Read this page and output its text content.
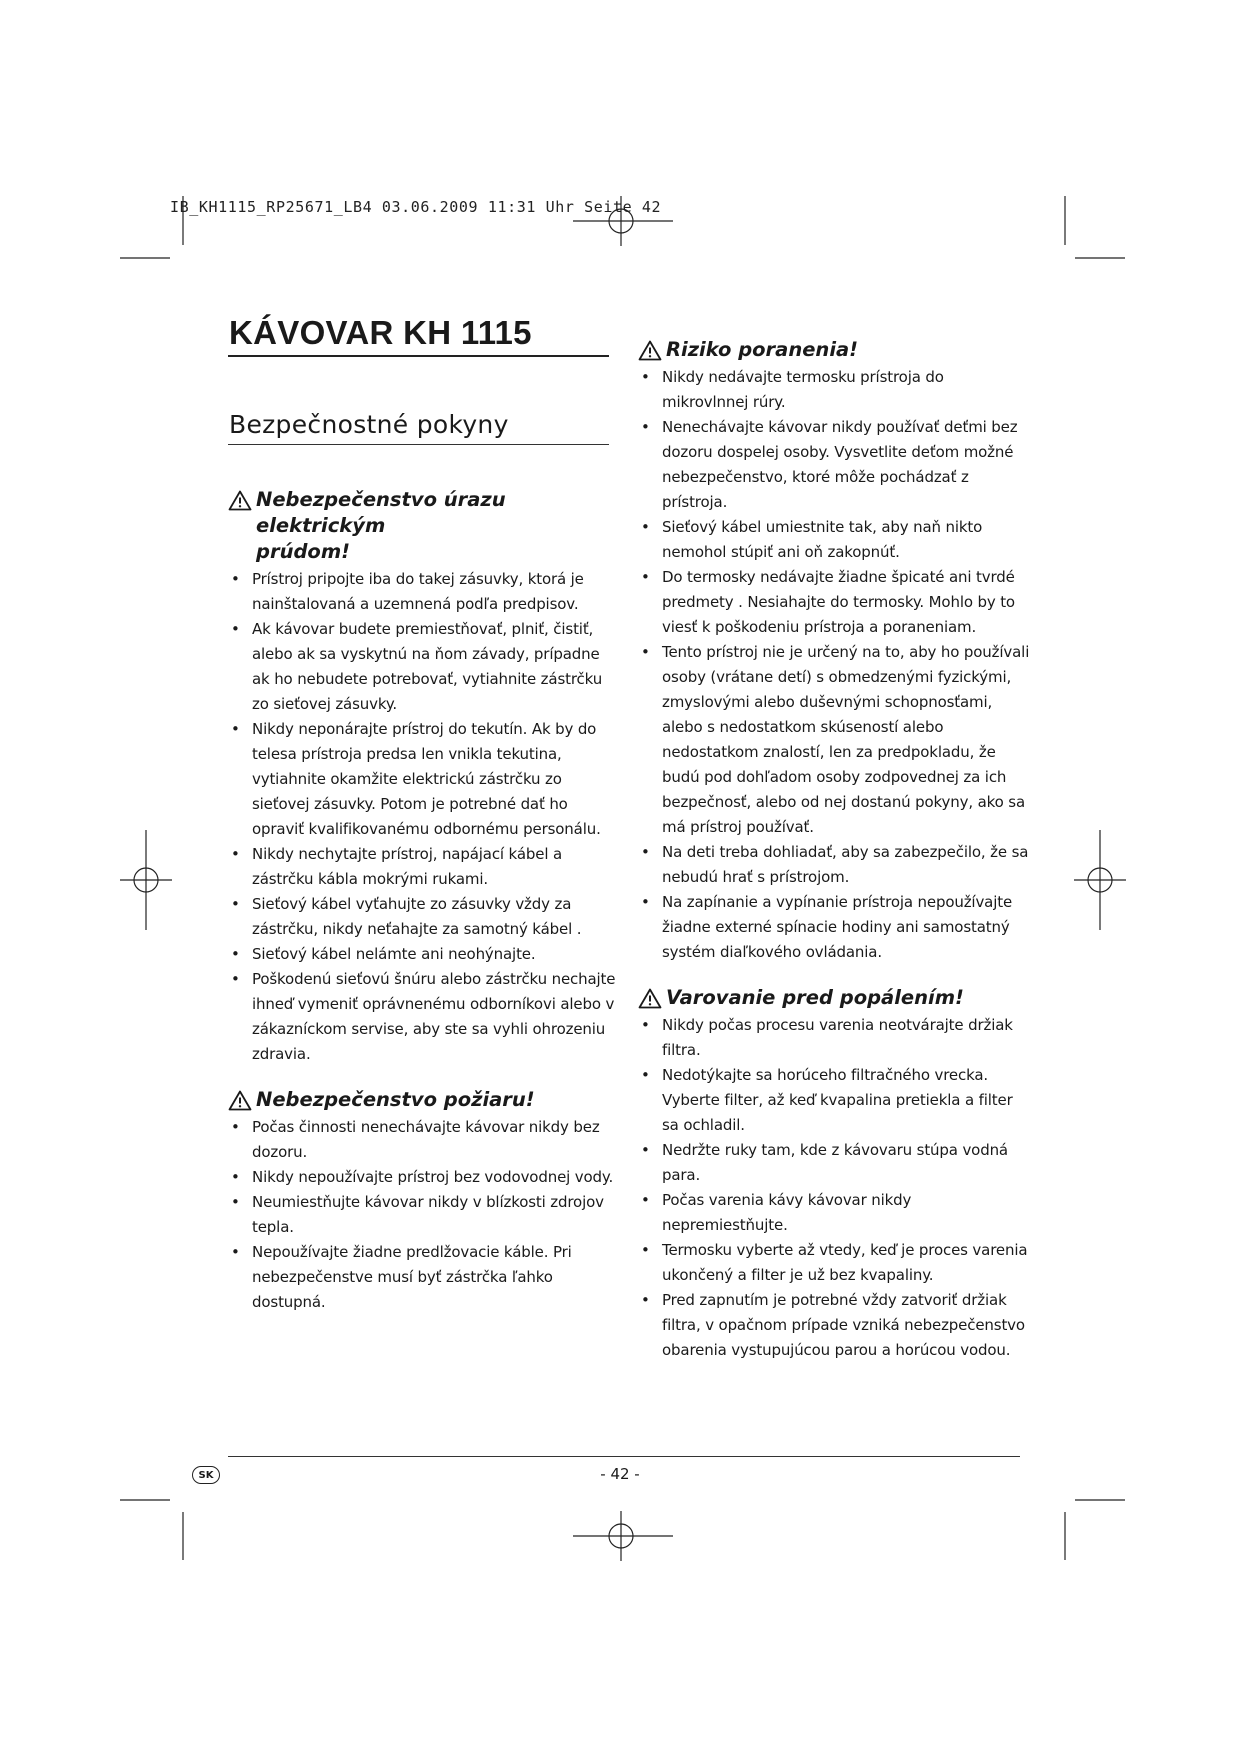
IB_KH1115_RP25671_LB4 03.06.2009 11:31 Uhr Seite 42
KÁVOVAR KH 1115
Bezpečnostné pokyny
Nebezpečenstvo úrazu elektrickým
prúdom!
• Prístroj pripojte iba do takej zásuvky, ktorá je nainštalovaná a uzemnená podľa predpisov.
• Ak kávovar budete premiestňovať, plniť, čistiť, alebo ak sa vyskytnú na ňom závady, prípadne ak ho nebudete potrebovať, vytiahnite zástrčku zo sieťovej zásuvky.
• Nikdy neponárajte prístroj do tekutín. Ak by do telesa prístroja predsa len vnikla tekutina, vytiahnite okamžite elektrickú zástrčku zo sieťovej zásuvky. Potom je potrebné dať ho opraviť kvalifikovanému odbornému personálu.
• Nikdy nechytajte prístroj, napájací kábel a zástrčku kábla mokrými rukami.
• Sieťový kábel vyťahujte zo zásuvky vždy za zástrčku, nikdy neťahajte za samotný kábel .
• Sieťový kábel nelámte ani neohýnajte.
• Poškodenú sieťovú šnúru alebo zástrčku nechajte ihneď vymeniť oprávnenému odborníkovi alebo v zákazníckom servise, aby ste sa vyhli ohrozeniu zdravia.
Nebezpečenstvo požiaru!
• Počas činnosti nenechávajte kávovar nikdy bez dozoru.
• Nikdy nepoužívajte prístroj bez vodovodnej vody.
• Neumiestňujte kávovar nikdy v blízkosti zdrojov tepla.
• Nepoužívajte žiadne predlžovacie káble. Pri nebezpečenstve musí byť zástrčka ľahko dostupná.
Riziko poranenia!
• Nikdy nedávajte termosku prístroja do mikrovlnnej rúry.
• Nenechávajte kávovar nikdy používať deťmi bez dozoru dospelej osoby. Vysvetlite deťom možné nebezpečenstvo, ktoré môže pochádzať z prístroja.
• Sieťový kábel umiestnite tak, aby naň nikto nemohol stúpiť ani oň zakopnúť.
• Do termosky nedávajte žiadne špicaté ani tvrdé predmety . Nesiahajte do termosky. Mohlo by to viesť k poškodeniu prístroja a poraneniam.
• Tento prístroj nie je určený na to, aby ho používali osoby (vrátane detí) s obmedzenými fyzickými, zmyslovými alebo duševnými schopnosťami, alebo s nedostatkom skúseností alebo nedostatkom znalostí, len za predpokladu, že budú pod dohľadom osoby zodpovednej za ich bezpečnosť, alebo od nej dostanú pokyny, ako sa má prístroj používať.
• Na deti treba dohliadať, aby sa zabezpečilo, že sa nebudú hrať s prístrojom.
• Na zapínanie a vypínanie prístroja nepoužívajte žiadne externé spínacie hodiny ani samostatný systém diaľkového ovládania.
Varovanie pred popálením!
• Nikdy počas procesu varenia neotvárajte držiak filtra.
• Nedotýkajte sa horúceho filtračného vrecka. Vyberte filter, až keď kvapalina pretiekla a filter sa ochladil.
• Nedržte ruky tam, kde z kávovaru stúpa vodná para.
• Počas varenia kávy kávovar nikdy nepremiestňujte.
• Termosku vyberte až vtedy, keď je proces varenia ukončený a filter je už bez kvapaliny.
• Pred zapnutím je potrebné vždy zatvoriť držiak filtra, v opačnom prípade vzniká nebezpečenstvo obarenia vystupujúcou parou a horúcou vodou.
SK	- 42 -
